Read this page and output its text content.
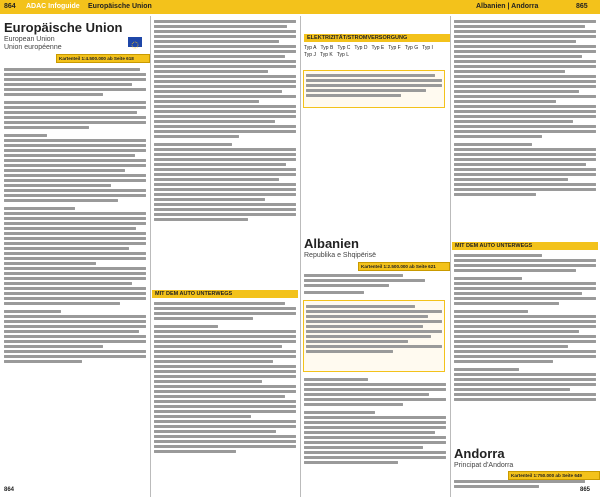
864 ADAC Infoguide Europäische Union	Albanien | Andorra	865
Europäische Union
European Union
Union européenne
Kartenteil 1:4.500.000 ab Seite 618
MIT DEM AUTO UNTERWEGS
ELEKTRIZITÄT/STROMVERSORGUNG
Typ A Typ B Typ C Typ D Typ E Typ F Typ G Typ I
Typ J Typ K Typ L
Albanien
Republika e Shqipërisë
Kartenteil 1:2.500.000 ab Seite 621
MIT DEM AUTO UNTERWEGS
Andorra
Principat d'Andorra
Kartenteil 1:750.000 ab Seite 649
864	865
